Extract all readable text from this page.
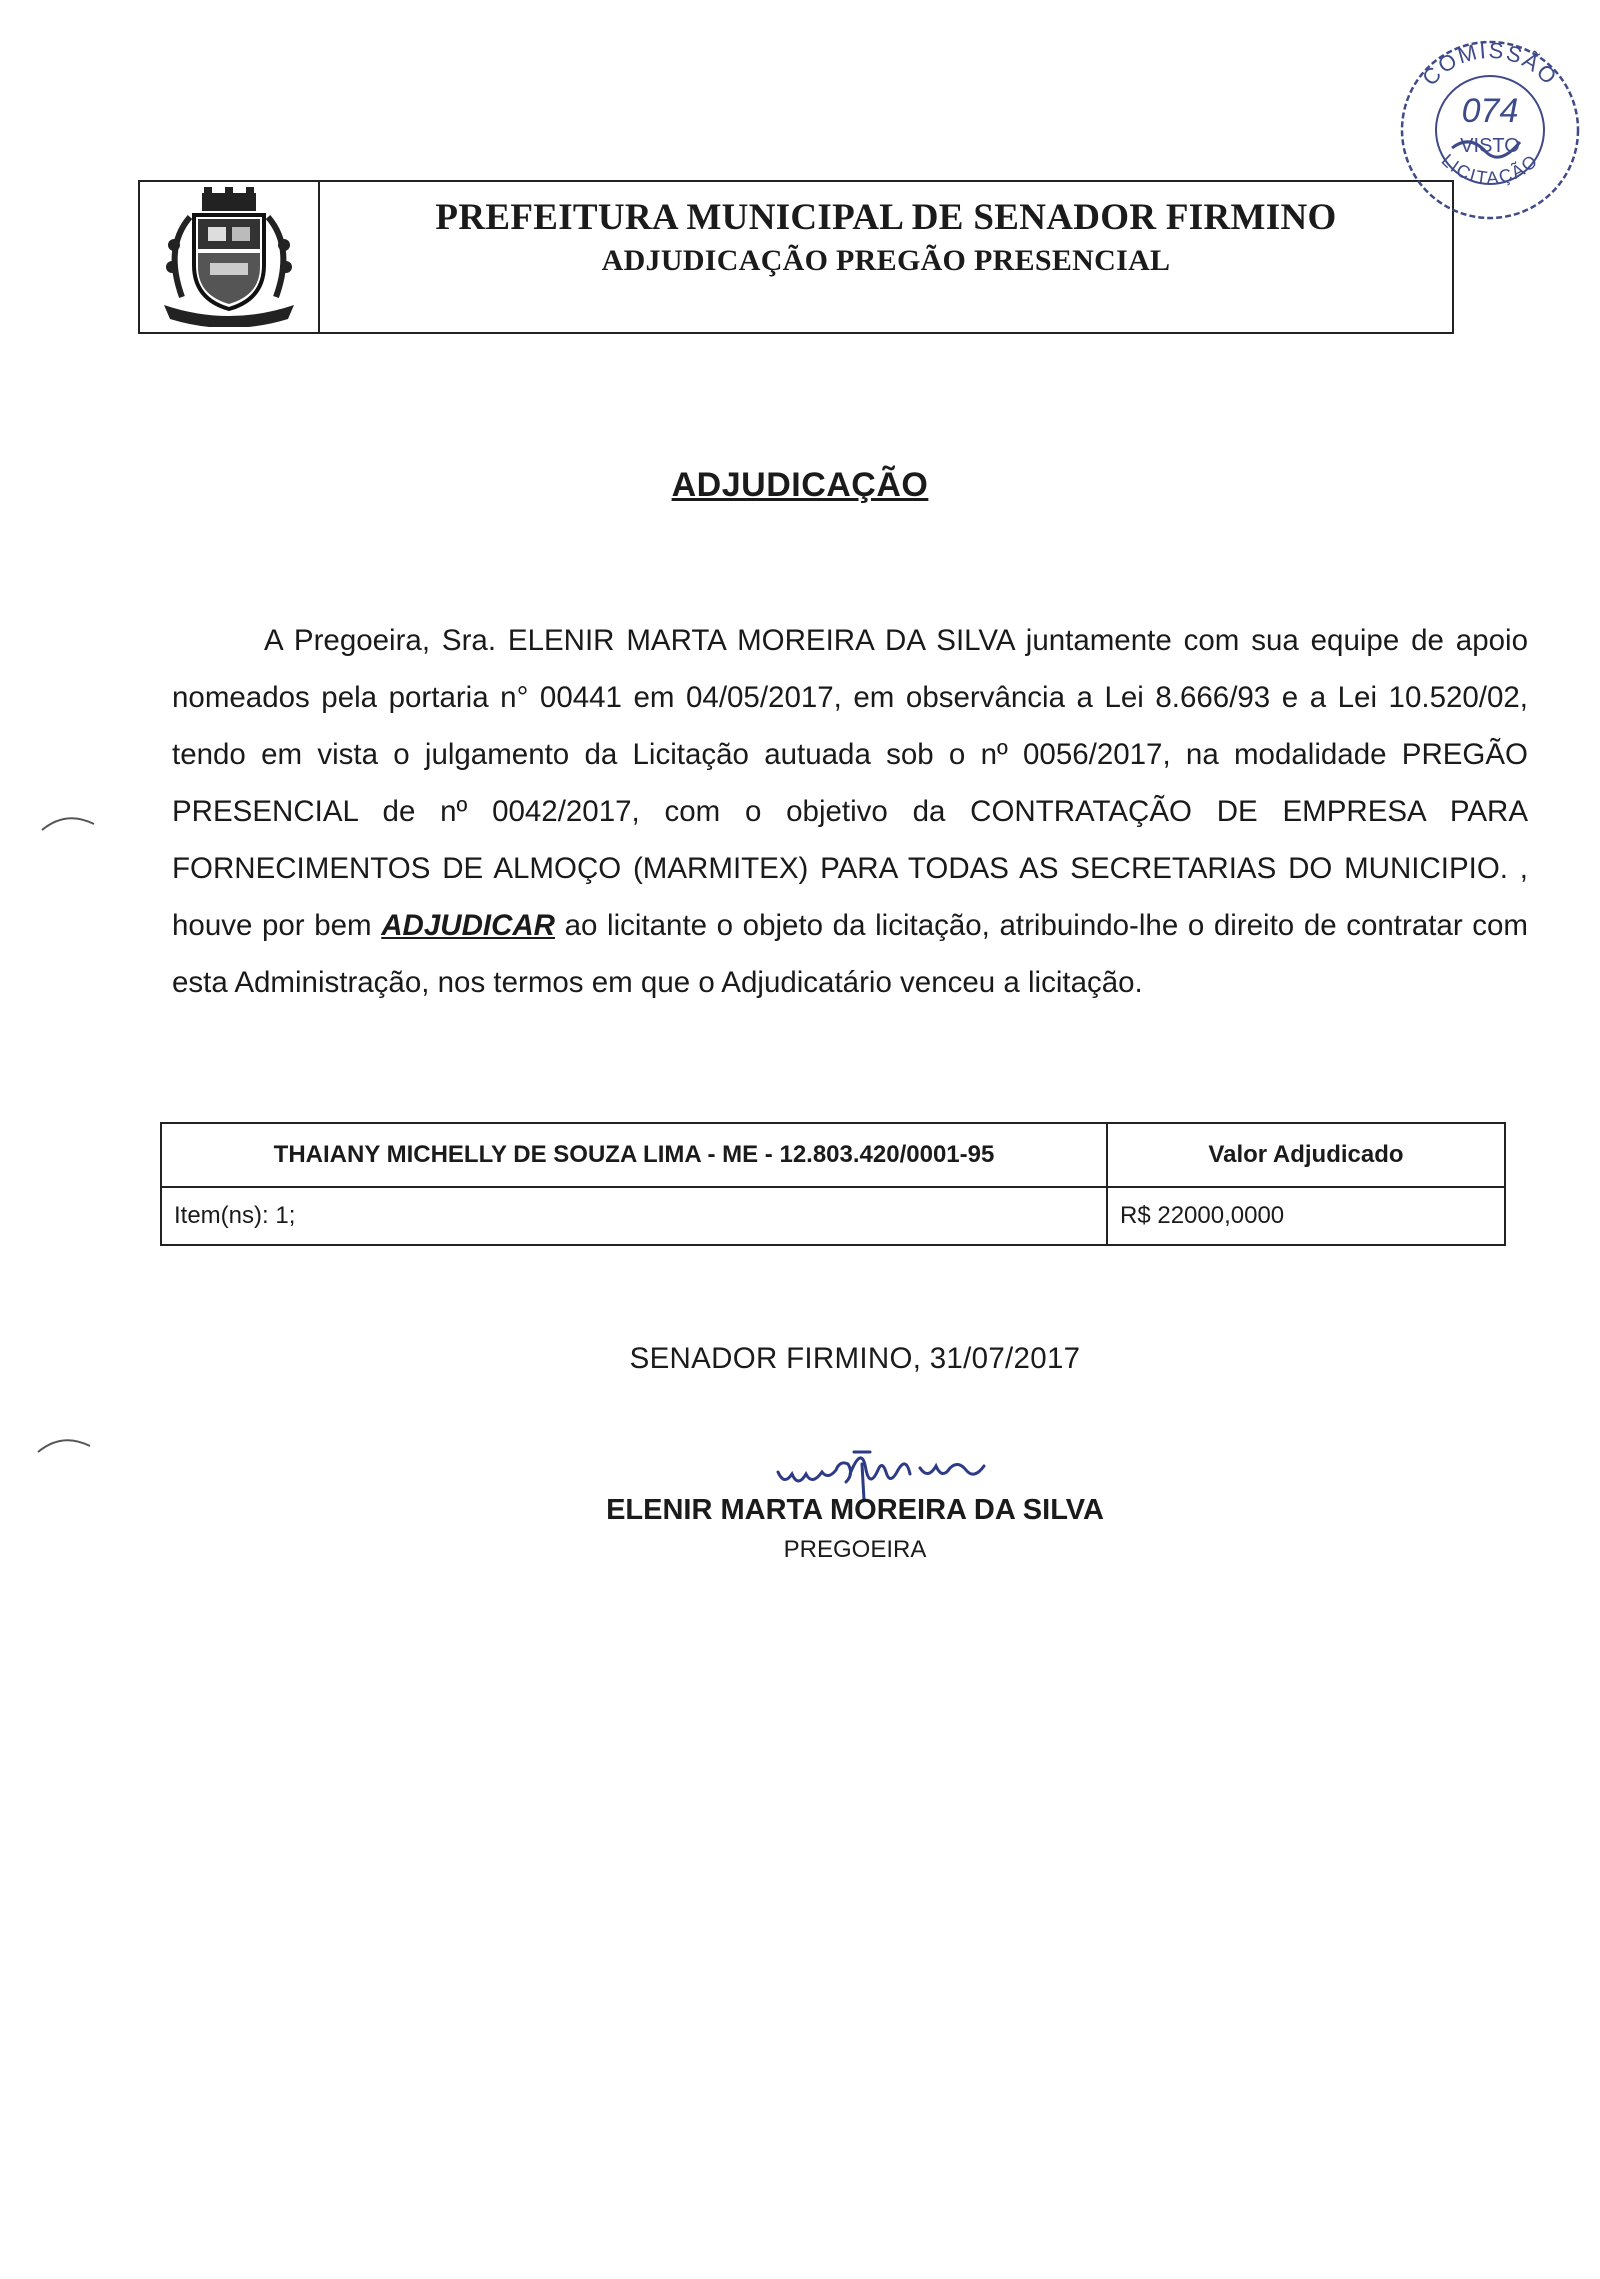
PREFEITURA MUNICIPAL DE SENADOR FIRMINO
ADJUDICAÇÃO PREGÃO PRESENCIAL
COMISSÃO
074
VISTO
LICITAÇÃO
ADJUDICAÇÃO

A Pregoeira, Sra. ELENIR MARTA MOREIRA DA SILVA juntamente com sua equipe de apoio nomeados pela portaria n° 00441 em 04/05/2017, em observância a Lei 8.666/93 e a Lei 10.520/02, tendo em vista o julgamento da Licitação autuada sob o nº 0056/2017, na modalidade PREGÃO PRESENCIAL de nº 0042/2017, com o objetivo da CONTRATAÇÃO DE EMPRESA PARA FORNECIMENTOS DE ALMOÇO (MARMITEX) PARA TODAS AS SECRETARIAS DO MUNICIPIO. , houve por bem ADJUDICAR ao licitante o objeto da licitação, atribuindo-lhe o direito de contratar com esta Administração, nos termos em que o Adjudicatário venceu a licitação.

THAIANY MICHELLY DE SOUZA LIMA - ME - 12.803.420/0001-95	Valor Adjudicado
Item(ns): 1;	R$ 22000,0000
SENADOR FIRMINO, 31/07/2017
ELENIR MARTA MOREIRA DA SILVA
PREGOEIRA
